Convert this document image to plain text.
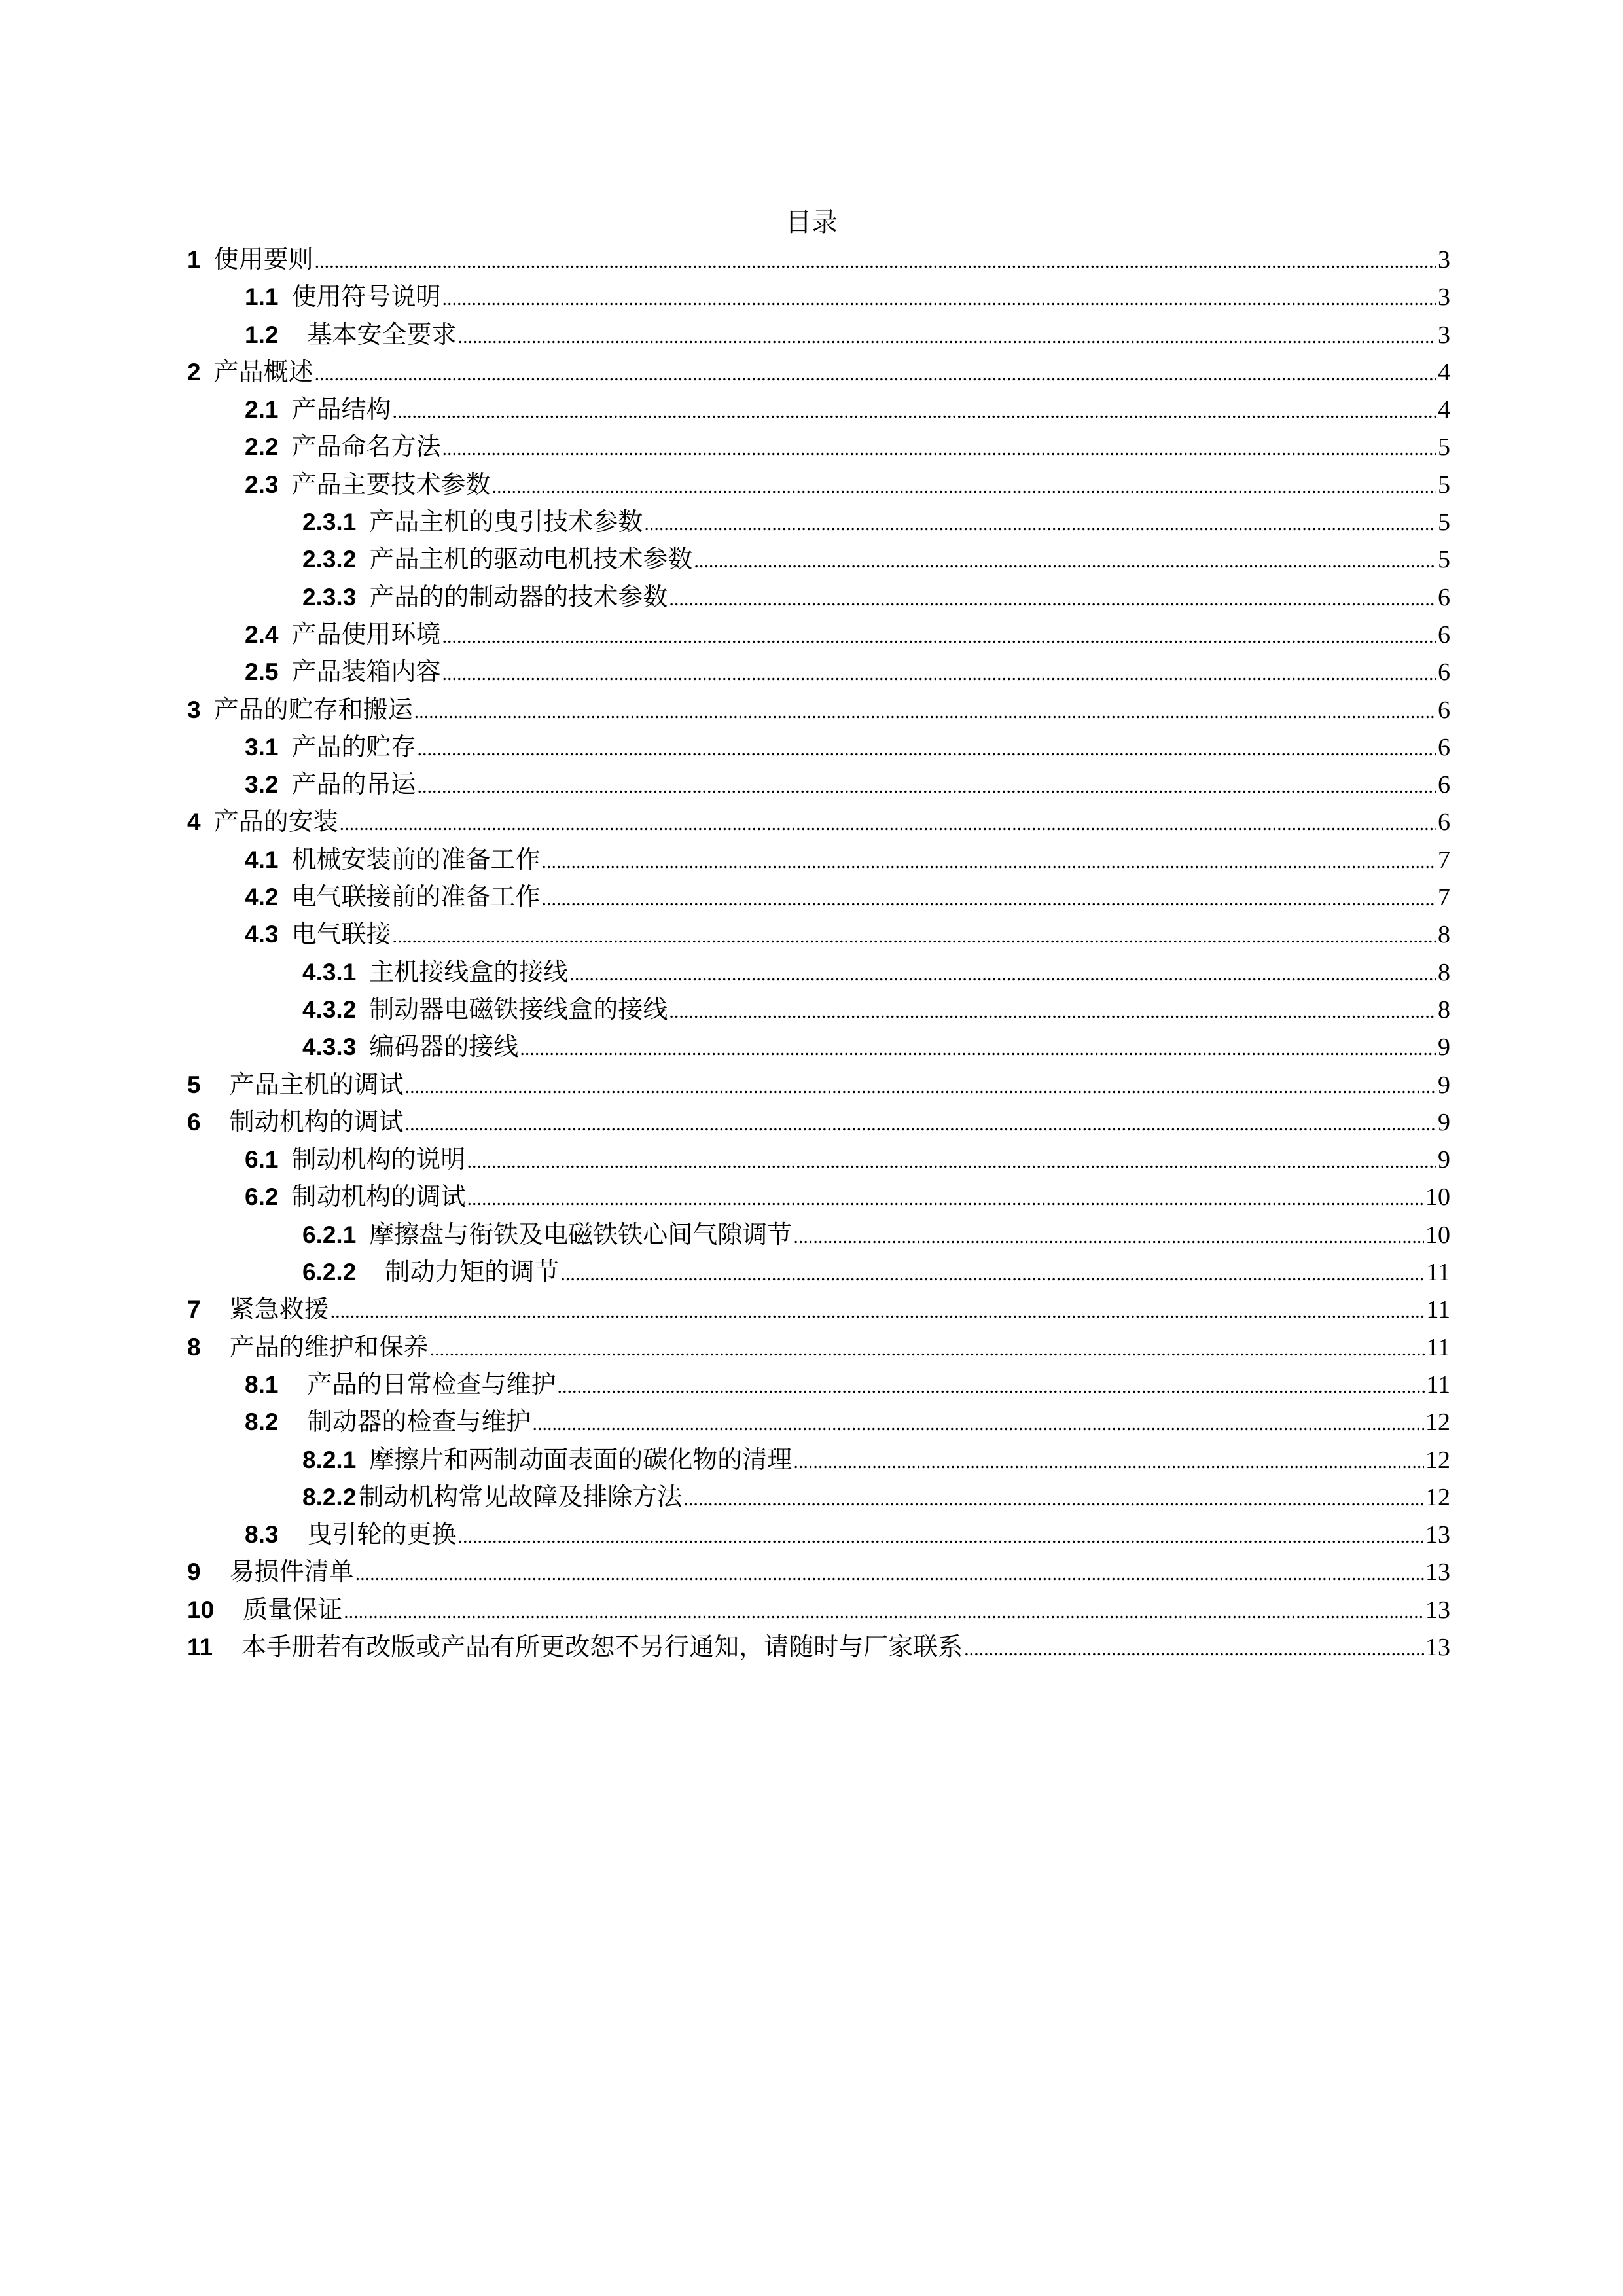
目录
1 使用要则 .....	3
1.1 使用符号说明 .....	3
1.2 基本安全要求 .....	3
2 产品概述 .....	4
2.1 产品结构 .....	4
2.2 产品命名方法 .....	5
2.3 产品主要技术参数 .....	5
2.3.1 产品主机的曳引技术参数 .....	5
2.3.2 产品主机的驱动电机技术参数 .....	5
2.3.3 产品的的制动器的技术参数 .....	6
2.4 产品使用环境 .....	6
2.5 产品装箱内容 .....	6
3 产品的贮存和搬运 .....	6
3.1 产品的贮存 .....	6
3.2 产品的吊运 .....	6
4 产品的安装 .....	6
4.1 机械安装前的准备工作 .....	7
4.2 电气联接前的准备工作 .....	7
4.3 电气联接 .....	8
4.3.1 主机接线盒的接线 .....	8
4.3.2 制动器电磁铁接线盒的接线 .....	8
4.3.3 编码器的接线 .....	9
5 产品主机的调试 .....	9
6 制动机构的调试 .....	9
6.1 制动机构的说明 .....	9
6.2 制动机构的调试 .....	10
6.2.1 摩擦盘与衔铁及电磁铁铁心间气隙调节 .....	10
6.2.2 制动力矩的调节 .....	11
7 紧急救援 .....	11
8 产品的维护和保养 .....	11
8.1 产品的日常检查与维护 .....	11
8.2 制动器的检查与维护 .....	12
8.2.1 摩擦片和两制动面表面的碳化物的清理 .....	12
8.2.2 制动机构常见故障及排除方法 .....	12
8.3 曳引轮的更换 .....	13
9 易损件清单 .....	13
10 质量保证 .....	13
11 本手册若有改版或产品有所更改恕不另行通知，请随时与厂家联系 .....	13
